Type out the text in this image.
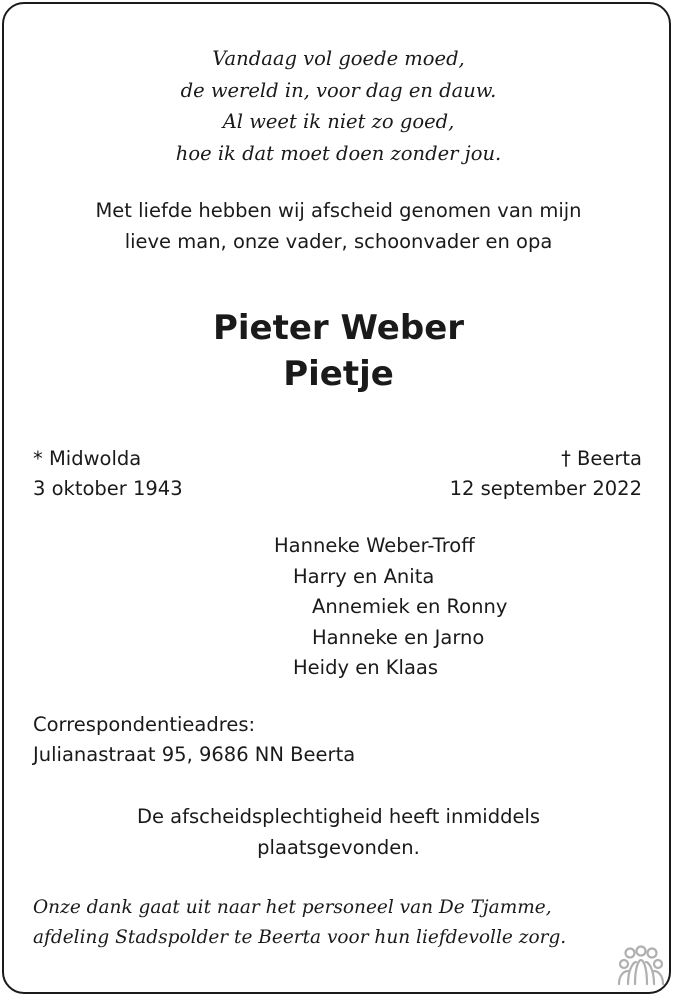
Vandaag vol goede moed,
de wereld in, voor dag en dauw.
Al weet ik niet zo goed,
hoe ik dat moet doen zonder jou.
Met liefde hebben wij afscheid genomen van mijn
lieve man, onze vader, schoonvader en opa
Pieter Weber
Pietje
* Midwolda
3 oktober 1943
† Beerta
12 september 2022
Hanneke Weber-Troff
Harry en Anita
Annemiek en Ronny
Hanneke en Jarno
Heidy en Klaas
Correspondentieadres:
Julianastraat 95, 9686 NN Beerta
De afscheidsplechtigheid heeft inmiddels
plaatsgevonden.
Onze dank gaat uit naar het personeel van De Tjamme,
afdeling Stadspolder te Beerta voor hun liefdevolle zorg.
